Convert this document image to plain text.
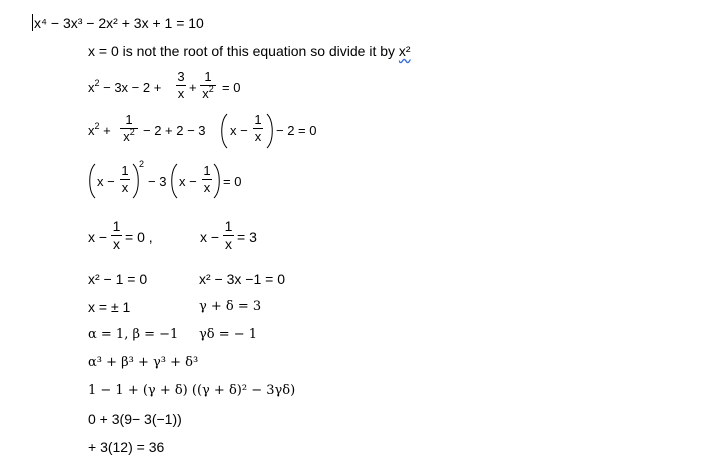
x⁴ − 3x³ − 2x² + 3x + 1 = 10
x = 0 is not the root of this equation so divide it by x²
$x^2 - 3x - 2$ +
3
x +
1
$x^2 = 0$
$x^2$ +
1
$x^2 - 2 + 2 - 3$ x −
1
x − 2 = 0
x −
1
x
2
− 3 x −
1
x = 0
x −
1
x = 0 ,	x −
1
x = 3
x² − 1 = 0	x² − 3x −1 = 0
x = ± 1	γ + δ = 3
α = 1, β = −1 γδ = − 1
α³ + β³ + γ³ + δ³
1 − 1 + (γ + δ) ((γ + δ)² − 3γδ)
0 + 3(9− 3(−1))
+ 3(12) = 36
